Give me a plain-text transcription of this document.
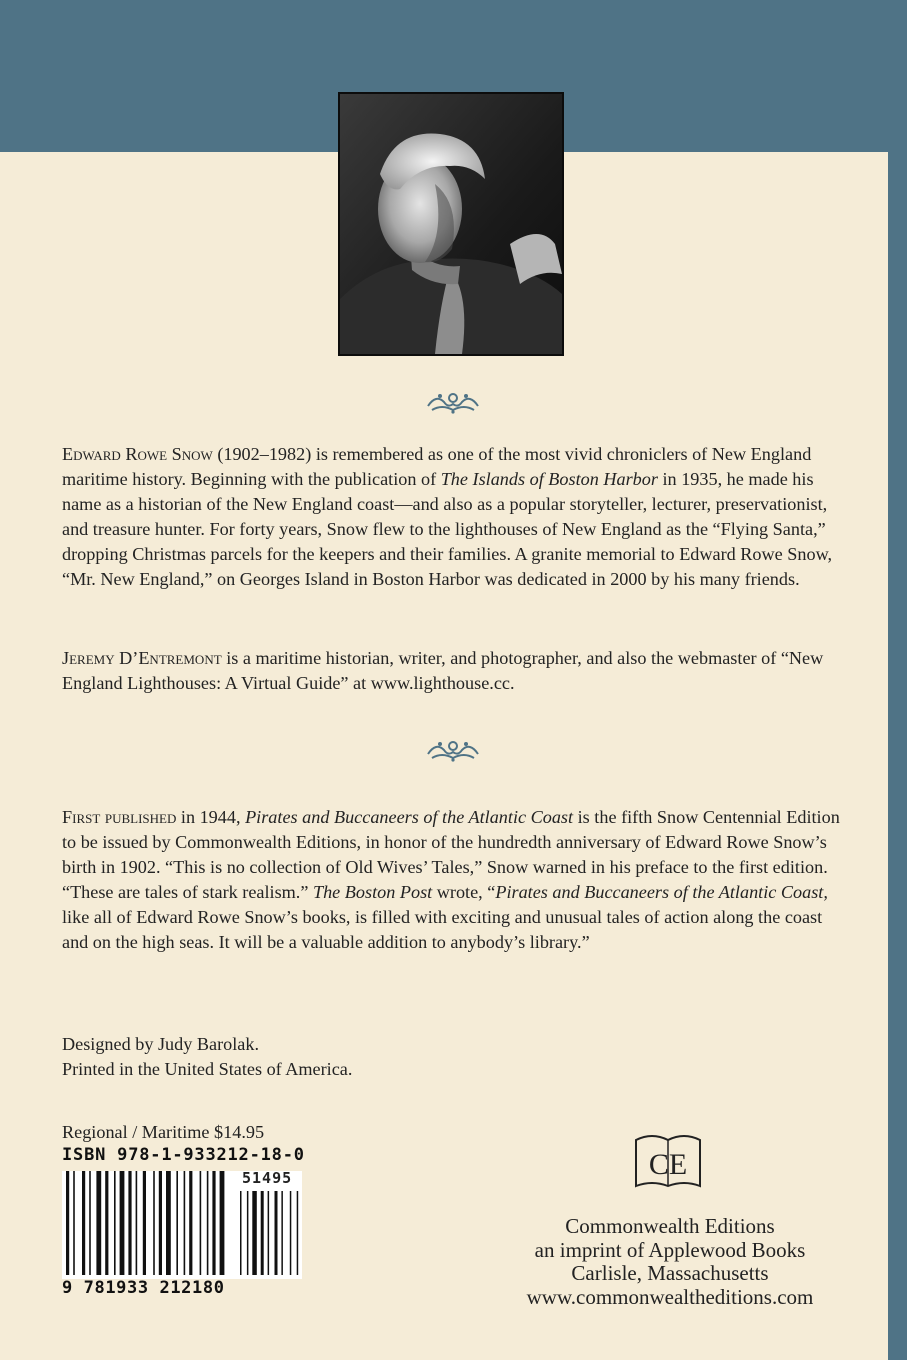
Edward Rowe Snow (1902–1982) is remembered as one of the most vivid chroniclers of New England maritime history. Beginning with the publication of The Islands of Boston Harbor in 1935, he made his name as a historian of the New England coast—and also as a popular storyteller, lecturer, preservationist, and treasure hunter. For forty years, Snow flew to the lighthouses of New England as the “Flying Santa,” dropping Christmas parcels for the keepers and their families. A granite memorial to Edward Rowe Snow, “Mr. New England,” on Georges Island in Boston Harbor was dedicated in 2000 by his many friends.

Jeremy D’Entremont is a maritime historian, writer, and photographer, and also the webmaster of “New England Lighthouses: A Virtual Guide” at www.lighthouse.cc.

First published in 1944, Pirates and Buccaneers of the Atlantic Coast is the fifth Snow Centennial Edition to be issued by Commonwealth Editions, in honor of the hundredth anniversary of Edward Rowe Snow’s birth in 1902. “This is no collection of Old Wives’ Tales,” Snow warned in his preface to the first edition. “These are tales of stark realism.” The Boston Post wrote, “Pirates and Buccaneers of the Atlantic Coast, like all of Edward Rowe Snow’s books, is filled with exciting and unusual tales of action along the coast and on the high seas. It will be a valuable addition to anybody’s library.”

Designed by Judy Barolak.

Printed in the United States of America.

Regional / Maritime $14.95
ISBN 978-1-933212-18-0
51495
9 781933 212180
CE
Commonwealth Editions
an imprint of Applewood Books
Carlisle, Massachusetts
www.commonwealtheditions.com
